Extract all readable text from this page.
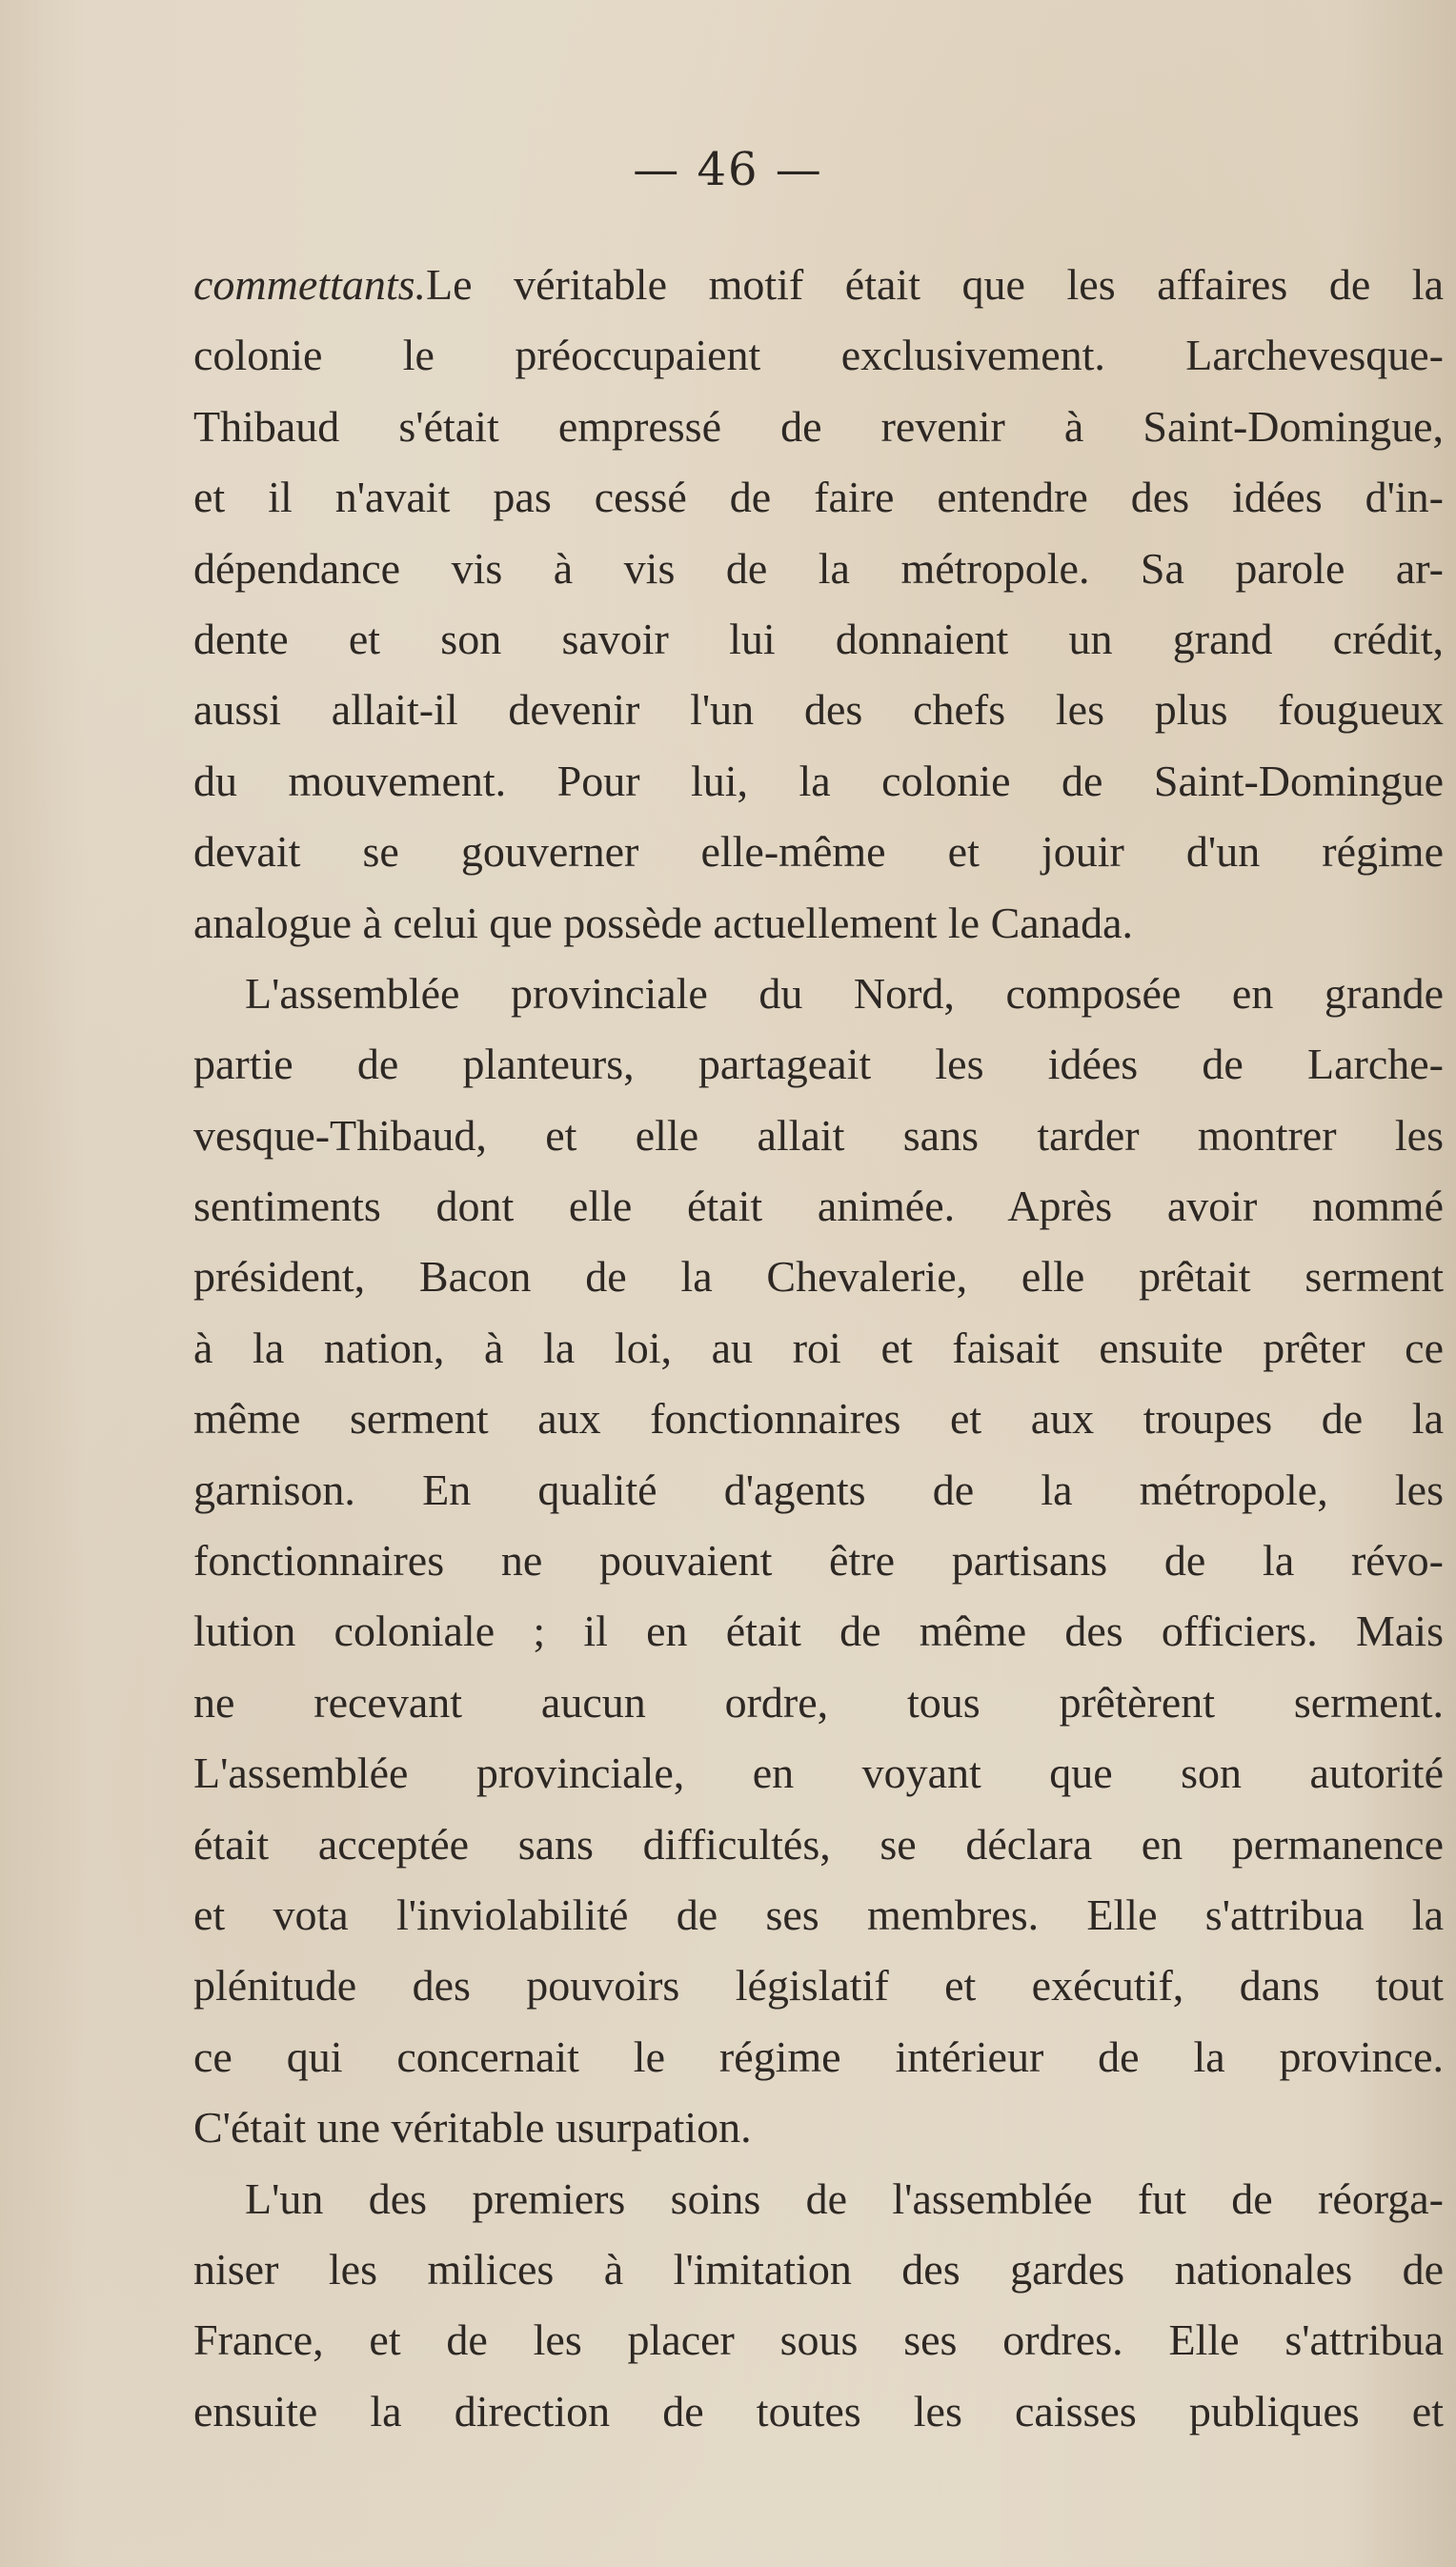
— 46 —
commettants.Le véritable motif était que les affaires de la
colonie le préoccupaient exclusivement. Larchevesque-
Thibaud s'était empressé de revenir à Saint-Domingue,
et il n'avait pas cessé de faire entendre des idées d'in-
dépendance vis à vis de la métropole. Sa parole ar-
dente et son savoir lui donnaient un grand crédit,
aussi allait-il devenir l'un des chefs les plus fougueux
du mouvement. Pour lui, la colonie de Saint-Domingue
devait se gouverner elle-même et jouir d'un régime
analogue à celui que possède actuellement le Canada.
L'assemblée provinciale du Nord, composée en grande
partie de planteurs, partageait les idées de Larche-
vesque-Thibaud, et elle allait sans tarder montrer les
sentiments dont elle était animée. Après avoir nommé
président, Bacon de la Chevalerie, elle prêtait serment
à la nation, à la loi, au roi et faisait ensuite prêter ce
même serment aux fonctionnaires et aux troupes de la
garnison. En qualité d'agents de la métropole, les
fonctionnaires ne pouvaient être partisans de la révo-
lution coloniale ; il en était de même des officiers. Mais
ne recevant aucun ordre, tous prêtèrent serment.
L'assemblée provinciale, en voyant que son autorité
était acceptée sans difficultés, se déclara en permanence
et vota l'inviolabilité de ses membres. Elle s'attribua la
plénitude des pouvoirs législatif et exécutif, dans tout
ce qui concernait le régime intérieur de la province.
C'était une véritable usurpation.
L'un des premiers soins de l'assemblée fut de réorga-
niser les milices à l'imitation des gardes nationales de
France, et de les placer sous ses ordres. Elle s'attribua
ensuite la direction de toutes les caisses publiques et
